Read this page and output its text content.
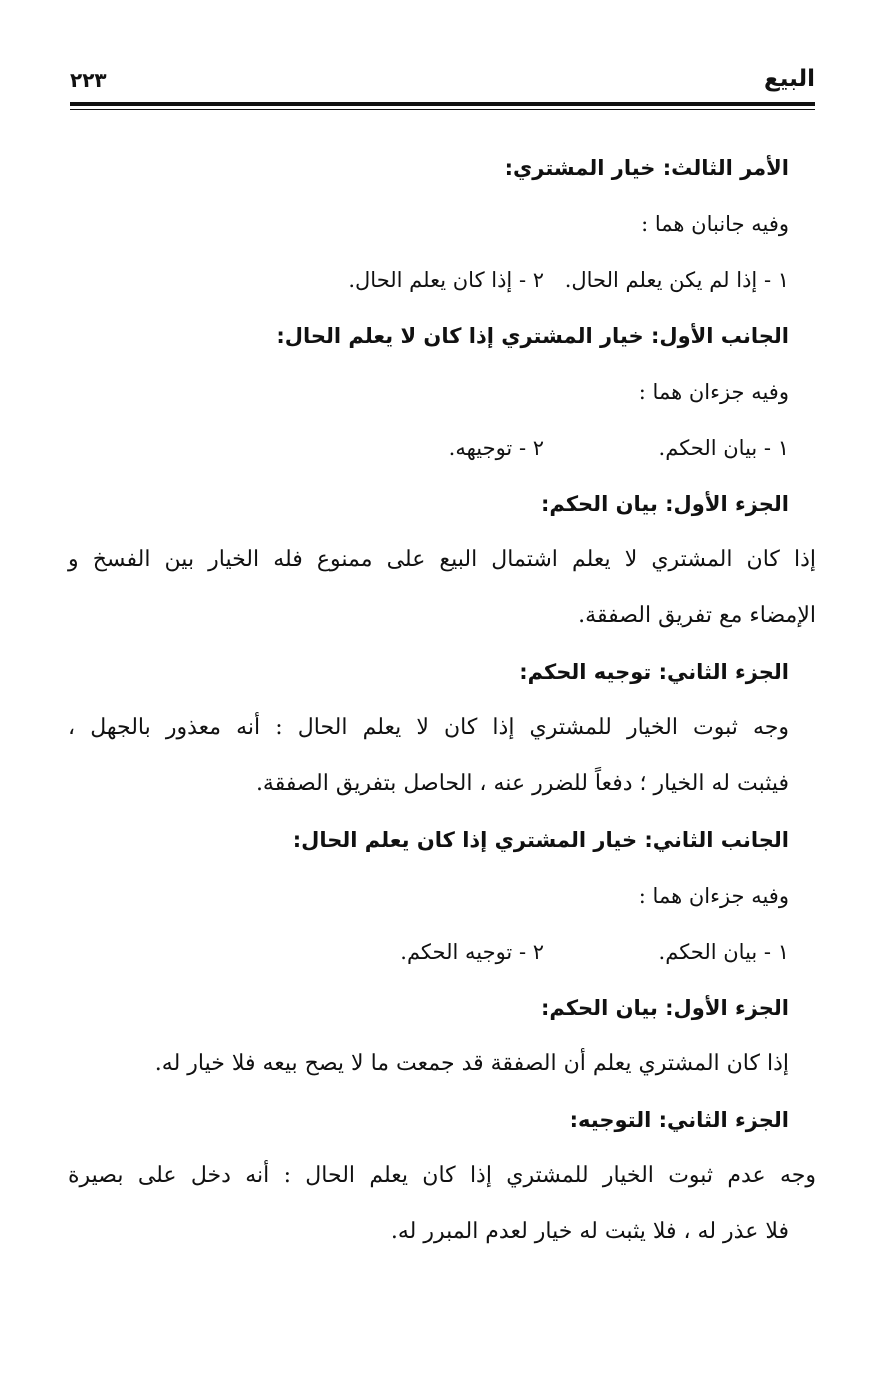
البيع
٢٢٣
الأمر الثالث: خيار المشتري:
وفيه جانبان هما :
١ - إذا لم يكن يعلم الحال.٢ - إذا كان يعلم الحال.
الجانب الأول: خيار المشتري إذا كان لا يعلم الحال:
وفيه جزءان هما :
١ - بيان الحكم.٢ - توجيهه.
الجزء الأول: بيان الحكم:
إذا كان المشتري لا يعلم اشتمال البيع على ممنوع فله الخيار بين الفسخ و
الإمضاء مع تفريق الصفقة.
الجزء الثاني: توجيه الحكم:
وجه ثبوت الخيار للمشتري إذا كان لا يعلم الحال : أنه معذور بالجهل ،
فيثبت له الخيار ؛ دفعاً للضرر عنه ، الحاصل بتفريق الصفقة.
الجانب الثاني: خيار المشتري إذا كان يعلم الحال:
وفيه جزءان هما :
١ - بيان الحكم.٢ - توجيه الحكم.
الجزء الأول: بيان الحكم:
إذا كان المشتري يعلم أن الصفقة قد جمعت ما لا يصح بيعه فلا خيار له.
الجزء الثاني: التوجيه:
وجه عدم ثبوت الخيار للمشتري إذا كان يعلم الحال : أنه دخل على بصيرة
فلا عذر له ، فلا يثبت له خيار لعدم المبرر له.
